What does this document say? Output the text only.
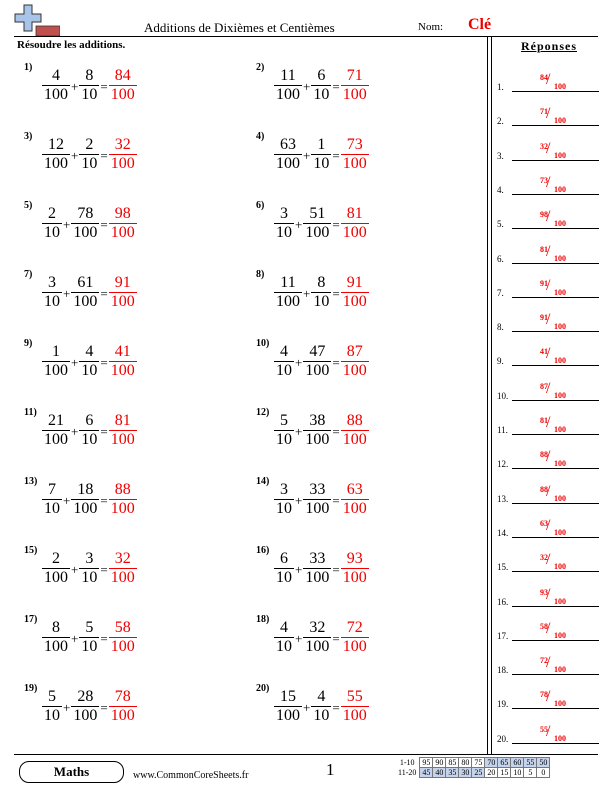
Additions de Dixièmes et Centièmes	Nom: Clé
Résoudre les additions.	Réponses
$1) \frac{4}{100} + \frac{8}{10} = \frac{84}{100}$	$2) \frac{11}{100} + \frac{6}{10} = \frac{71}{100}$
$3) \frac{12}{100} + \frac{2}{10} = \frac{32}{100}$	$4) \frac{63}{100} + \frac{1}{10} = \frac{73}{100}$
$5) \frac{2}{10} + \frac{78}{100} = \frac{98}{100}$	$6) \frac{3}{10} + \frac{51}{100} = \frac{81}{100}$
$7) \frac{3}{10} + \frac{61}{100} = \frac{91}{100}$	$8) \frac{11}{100} + \frac{8}{10} = \frac{91}{100}$
$9) \frac{1}{100} + \frac{4}{10} = \frac{41}{100}$	$10) \frac{4}{10} + \frac{47}{100} = \frac{87}{100}$
$11) \frac{21}{100} + \frac{6}{10} = \frac{81}{100}$	$12) \frac{5}{10} + \frac{38}{100} = \frac{88}{100}$
$13) \frac{7}{10} + \frac{18}{100} = \frac{88}{100}$	$14) \frac{3}{10} + \frac{33}{100} = \frac{63}{100}$
$15) \frac{2}{100} + \frac{3}{10} = \frac{32}{100}$	$16) \frac{6}{10} + \frac{33}{100} = \frac{93}{100}$
$17) \frac{8}{100} + \frac{5}{10} = \frac{58}{100}$	$18) \frac{4}{10} + \frac{32}{100} = \frac{72}{100}$
$19) \frac{5}{10} + \frac{28}{100} = \frac{78}{100}$	$20) \frac{15}{100} + \frac{4}{10} = \frac{55}{100}$
1.
84
/ 100
2.
71
/ 100
3.
32
/ 100
4.
73
/ 100
5.
98
/ 100
6.
81
/ 100
7.
91
/ 100
8.
91
/ 100
9.
41
/ 100
10.
87
/ 100
11.
81
/ 100
12.
88
/ 100
13.
88
/ 100
14.
63
/ 100
15.
32
/ 100
16.
93
/ 100
17.
58
/ 100
18.
72
/ 100
19.
78
/ 100
20.
55
/ 100
Maths	www.CommonCoreSheets.fr	1	1-10	95	90	85	80	75	70	65	60	55	50
11-20	45	40	35	30	25	20	15	10	5	0
